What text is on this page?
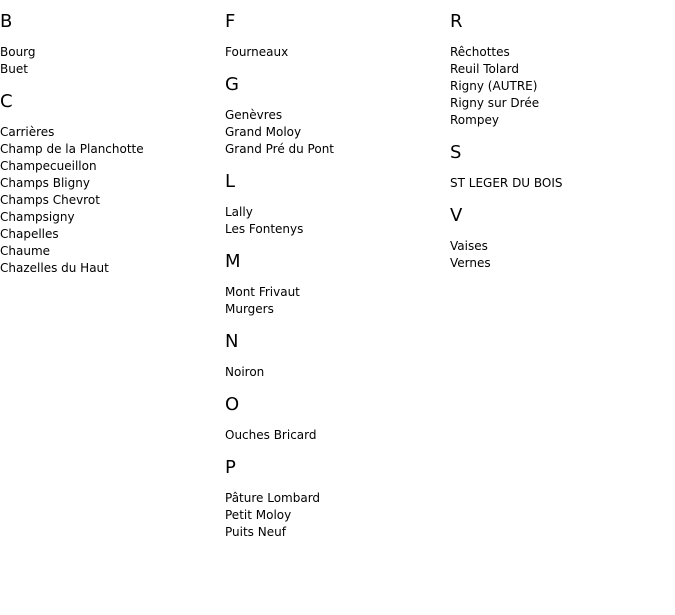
B
Bourg
Buet
C
Carrières
Champ de la Planchotte
Champecueillon
Champs Bligny
Champs Chevrot
Champsigny
Chapelles
Chaume
Chazelles du Haut
F
Fourneaux
G
Genèvres
Grand Moloy
Grand Pré du Pont
L
Lally
Les Fontenys
M
Mont Frivaut
Murgers
N
Noiron
O
Ouches Bricard
P
Pâture Lombard
Petit Moloy
Puits Neuf
R
Rêchottes
Reuil Tolard
Rigny (AUTRE)
Rigny sur Drée
Rompey
S
ST LEGER DU BOIS
V
Vaises
Vernes
